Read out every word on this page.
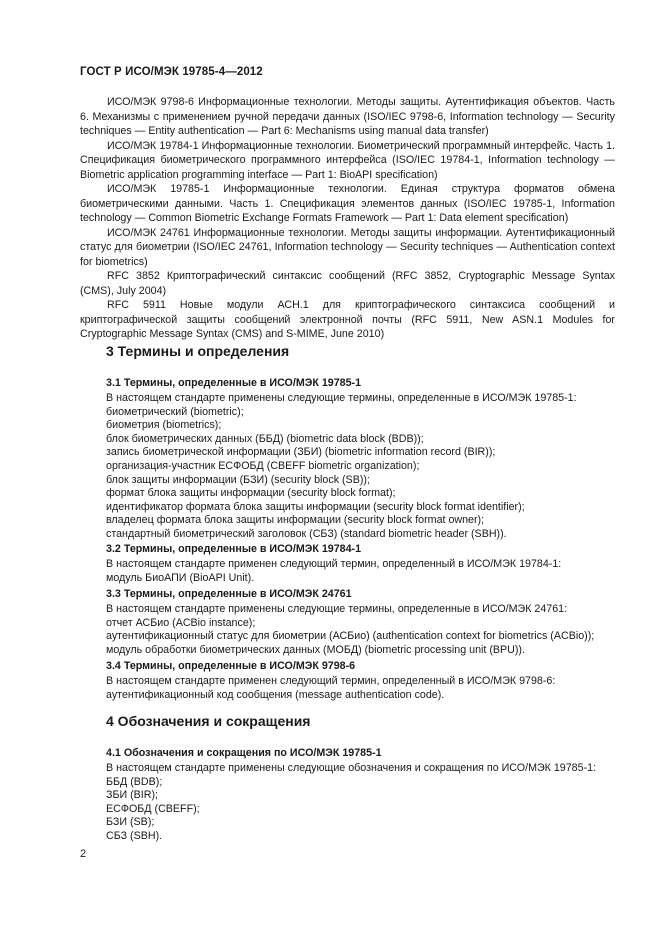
ГОСТ Р ИСО/МЭК 19785-4—2012

ИСО/МЭК 9798-6 Информационные технологии. Методы защиты. Аутентификация объектов. Часть 6. Механизмы с применением ручной передачи данных (ISO/IEC 9798-6, Information technology — Security techniques — Entity authentication — Part 6: Mechanisms using manual data transfer)

ИСО/МЭК 19784-1 Информационные технологии. Биометрический программный интерфейс. Часть 1. Спецификация биометрического программного интерфейса (ISO/IEC 19784-1, Information technology — Biometric application programming interface — Part 1: BioAPI specification)

ИСО/МЭК 19785-1 Информационные технологии. Единая структура форматов обмена биометрическими данными. Часть 1. Спецификация элементов данных (ISO/IEC 19785-1, Information technology — Common Biometric Exchange Formats Framework — Part 1: Data element specification)

ИСО/МЭК 24761 Информационные технологии. Методы защиты информации. Аутентификационный статус для биометрии (ISO/IEC 24761, Information technology — Security techniques — Authentication context for biometrics)

RFC 3852 Криптографический синтаксис сообщений (RFC 3852, Cryptographic Message Syntax (CMS), July 2004)

RFC 5911 Новые модули АСН.1 для криптографического синтаксиса сообщений и криптографической защиты сообщений электронной почты (RFC 5911, New ASN.1 Modules for Cryptographic Message Syntax (CMS) and S-MIME, June 2010)

3 Термины и определения
3.1 Термины, определенные в ИСО/МЭК 19785-1

В настоящем стандарте применены следующие термины, определенные в ИСО/МЭК 19785-1:

биометрический (biometric);

биометрия (biometrics);

блок биометрических данных (ББД) (biometric data block (BDB));

запись биометрической информации (ЗБИ) (biometric information record (BIR));

организация-участник ЕСФОБД (CBEFF biometric organization);

блок защиты информации (БЗИ) (security block (SB));

формат блока защиты информации (security block format);

идентификатор формата блока защиты информации (security block format identifier);

владелец формата блока защиты информации (security block format owner);

стандартный биометрический заголовок (СБЗ) (standard biometric header (SBH)).

3.2 Термины, определенные в ИСО/МЭК 19784-1

В настоящем стандарте применен следующий термин, определенный в ИСО/МЭК 19784-1:

модуль БиоАПИ (BioAPI Unit).

3.3 Термины, определенные в ИСО/МЭК 24761

В настоящем стандарте применены следующие термины, определенные в ИСО/МЭК 24761:

отчет АСБио (ACBio instance);

аутентификационный статус для биометрии (АСБио) (authentication context for biometrics (ACBio));

модуль обработки биометрических данных (МОБД) (biometric processing unit (BPU)).

3.4 Термины, определенные в ИСО/МЭК 9798-6

В настоящем стандарте применен следующий термин, определенный в ИСО/МЭК 9798-6:

аутентификационный код сообщения (message authentication code).

4 Обозначения и сокращения
4.1 Обозначения и сокращения по ИСО/МЭК 19785-1

В настоящем стандарте применены следующие обозначения и сокращения по ИСО/МЭК 19785-1:

ББД (BDB);

ЗБИ (BIR);

ЕСФОБД (CBEFF);

БЗИ (SB);

СБЗ (SBH).

2
